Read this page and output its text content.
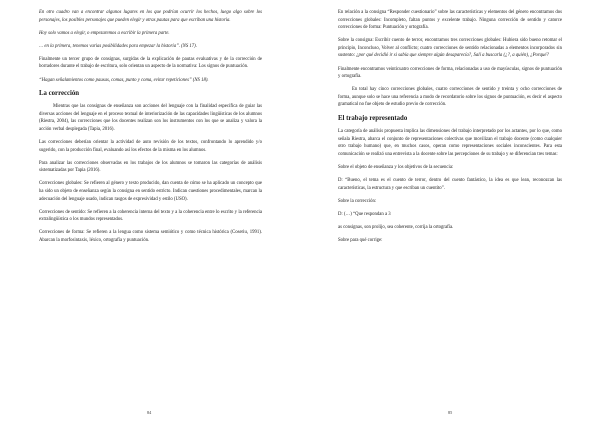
En otro cuadro van a encontrar algunos lugares en los que podrían ocurrir los hechos, luego algo sobre los personajes, los posibles personajes que pueden elegir y otras pautas para que escriban una historia.

Hoy solo vamos a elegir, o empezaremos a escribir la primera parte.

… en la primera, tenemos varias posibilidades para empezar la historia”. (NS 17).

Finalmente un tercer grupo de consignas, surgidas de la explicación de pautas evaluativas y de la corrección de borradores durante el trabajo de escritura, solo orientan un aspecto de la normativa: Los signos de puntuación.

“Hagan señalamientos como pausas, comas, punto y coma, evitar repeticiones” (NS 18).

La corrección

Mientras que las consignas de enseñanza son acciones del lenguaje con la finalidad específica de guiar las diversas acciones del lenguaje en el proceso textual de interiorización de las capacidades lingüísticas de los alumnos (Riestra, 2004), las correcciones que los docentes realizan son los instrumentos con los que se analiza y valora la acción verbal desplegada (Tapia, 2016).

Las correcciones deberían orientar la actividad de auto revisión de los textos, confrontando lo aprendido y/o sugerido, con la producción final, evaluando así los efectos de la misma en los alumnos.

Para analizar las correcciones observadas en los trabajos de los alumnos se tomaron las categorías de análisis sistematizadas por Tapia (2016).

Correcciones globales: Se refieren al género y texto producido, dan cuenta de cómo se ha aplicado un concepto que ha sido un objeto de enseñanza según la consigna en sentido estricto. Indican cuestiones procedimentales, marcan la adecuación del lenguaje usado, indican rasgos de expresividad y estilo (USO).

Correcciones de sentido: Se refieren a la coherencia interna del texto y a la coherencia entre lo escrito y la referencia extralingüística o los mundos representados.

Correcciones de forma: Se refieren a la lengua como sistema semiótico y como técnica histórica (Coseriu, 1991). Abarcan la morfosintaxis, léxico, ortografía y puntuación.

84

En relación a la consigna “Responder cuestionario” sobre las características y elementos del género encontramos dos correcciones globales: Incompleto, faltan puntos y excelente trabajo. Ninguna corrección de sentido y catorce correcciones de forma: Puntuación y ortografía.

Sobre la consigna: Escribir cuento de terror, encontramos tres correcciones globales: Hubiera sido bueno retomar el principio, Inconcluso, Volver al conflicto; cuatro correcciones de sentido relacionadas a elementos incorporados sin sustento: ¿por qué decidió ir si sabía que siempre algún desaparecía?, Salí a buscarla (¿?, a quién), ¿Porqué?

Finalmente encontramos veinticuatro correcciones de forma, relacionadas a uso de mayúsculas, signos de puntuación y ortografía.

En total hay cinco correcciones globales, cuatro correcciones de sentido y treinta y ocho correcciones de forma, aunque solo se hace una referencia a modo de recordatorio sobre los signos de puntuación, es decir el aspecto gramatical no fue objeto de estudio previo de corrección.

El trabajo representado

La categoría de análisis propuesta implica las dimensiones del trabajo interpretado por los actantes, por lo que, como señala Riestra, abarca el conjunto de representaciones colectivas que movilizan el trabajo docente (como cualquier otro trabajo humano) que, en muchos casos, operan como representaciones sociales inconscientes. Para esta comunicación se realizó una entrevista a la docente sobre las percepciones de su trabajo y se diferencian tres temas:

Sobre el objeto de enseñanza y los objetivos de la secuencia:

D: “Bueno, el tema es el cuento de terror, dentro del cuento fantástico, la idea es que lean, reconozcan las características, la estructura y que escriban un cuentito”.

Sobre la corrección:

D: (…) “Que respondan a 3

as consignas, son prolijo, sea coherente, corrija la ortografía.

Sobre para qué corrige:

85
